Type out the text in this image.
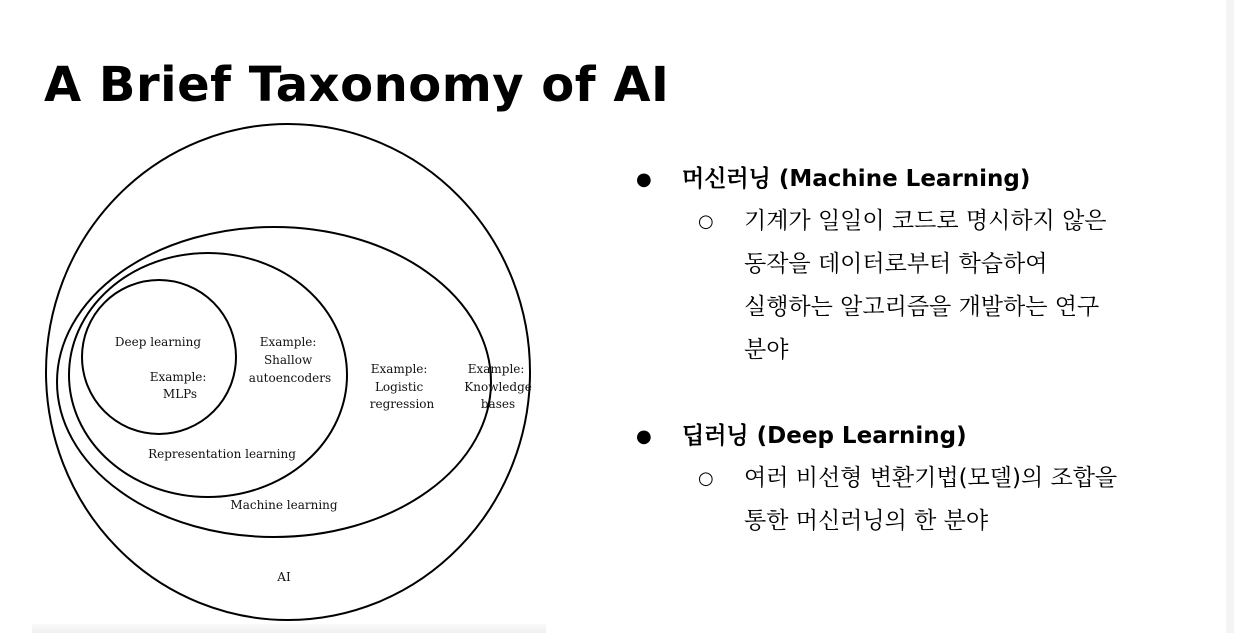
A Brief Taxonomy of AI
Deep learning
Example: MLPs
Example: Shallow autoencoders
Representation learning
Example: Logistic regression
Machine learning
Example: Knowledge bases
AI
● 머신러닝 (Machine Learning)
○ 기계가 일일이 코드로 명시하지 않은
동작을 데이터로부터 학습하여
실행하는 알고리즘을 개발하는 연구
분야
● 딥러닝 (Deep Learning)
○ 여러 비선형 변환기법(모델)의 조합을
통한 머신러닝의 한 분야
